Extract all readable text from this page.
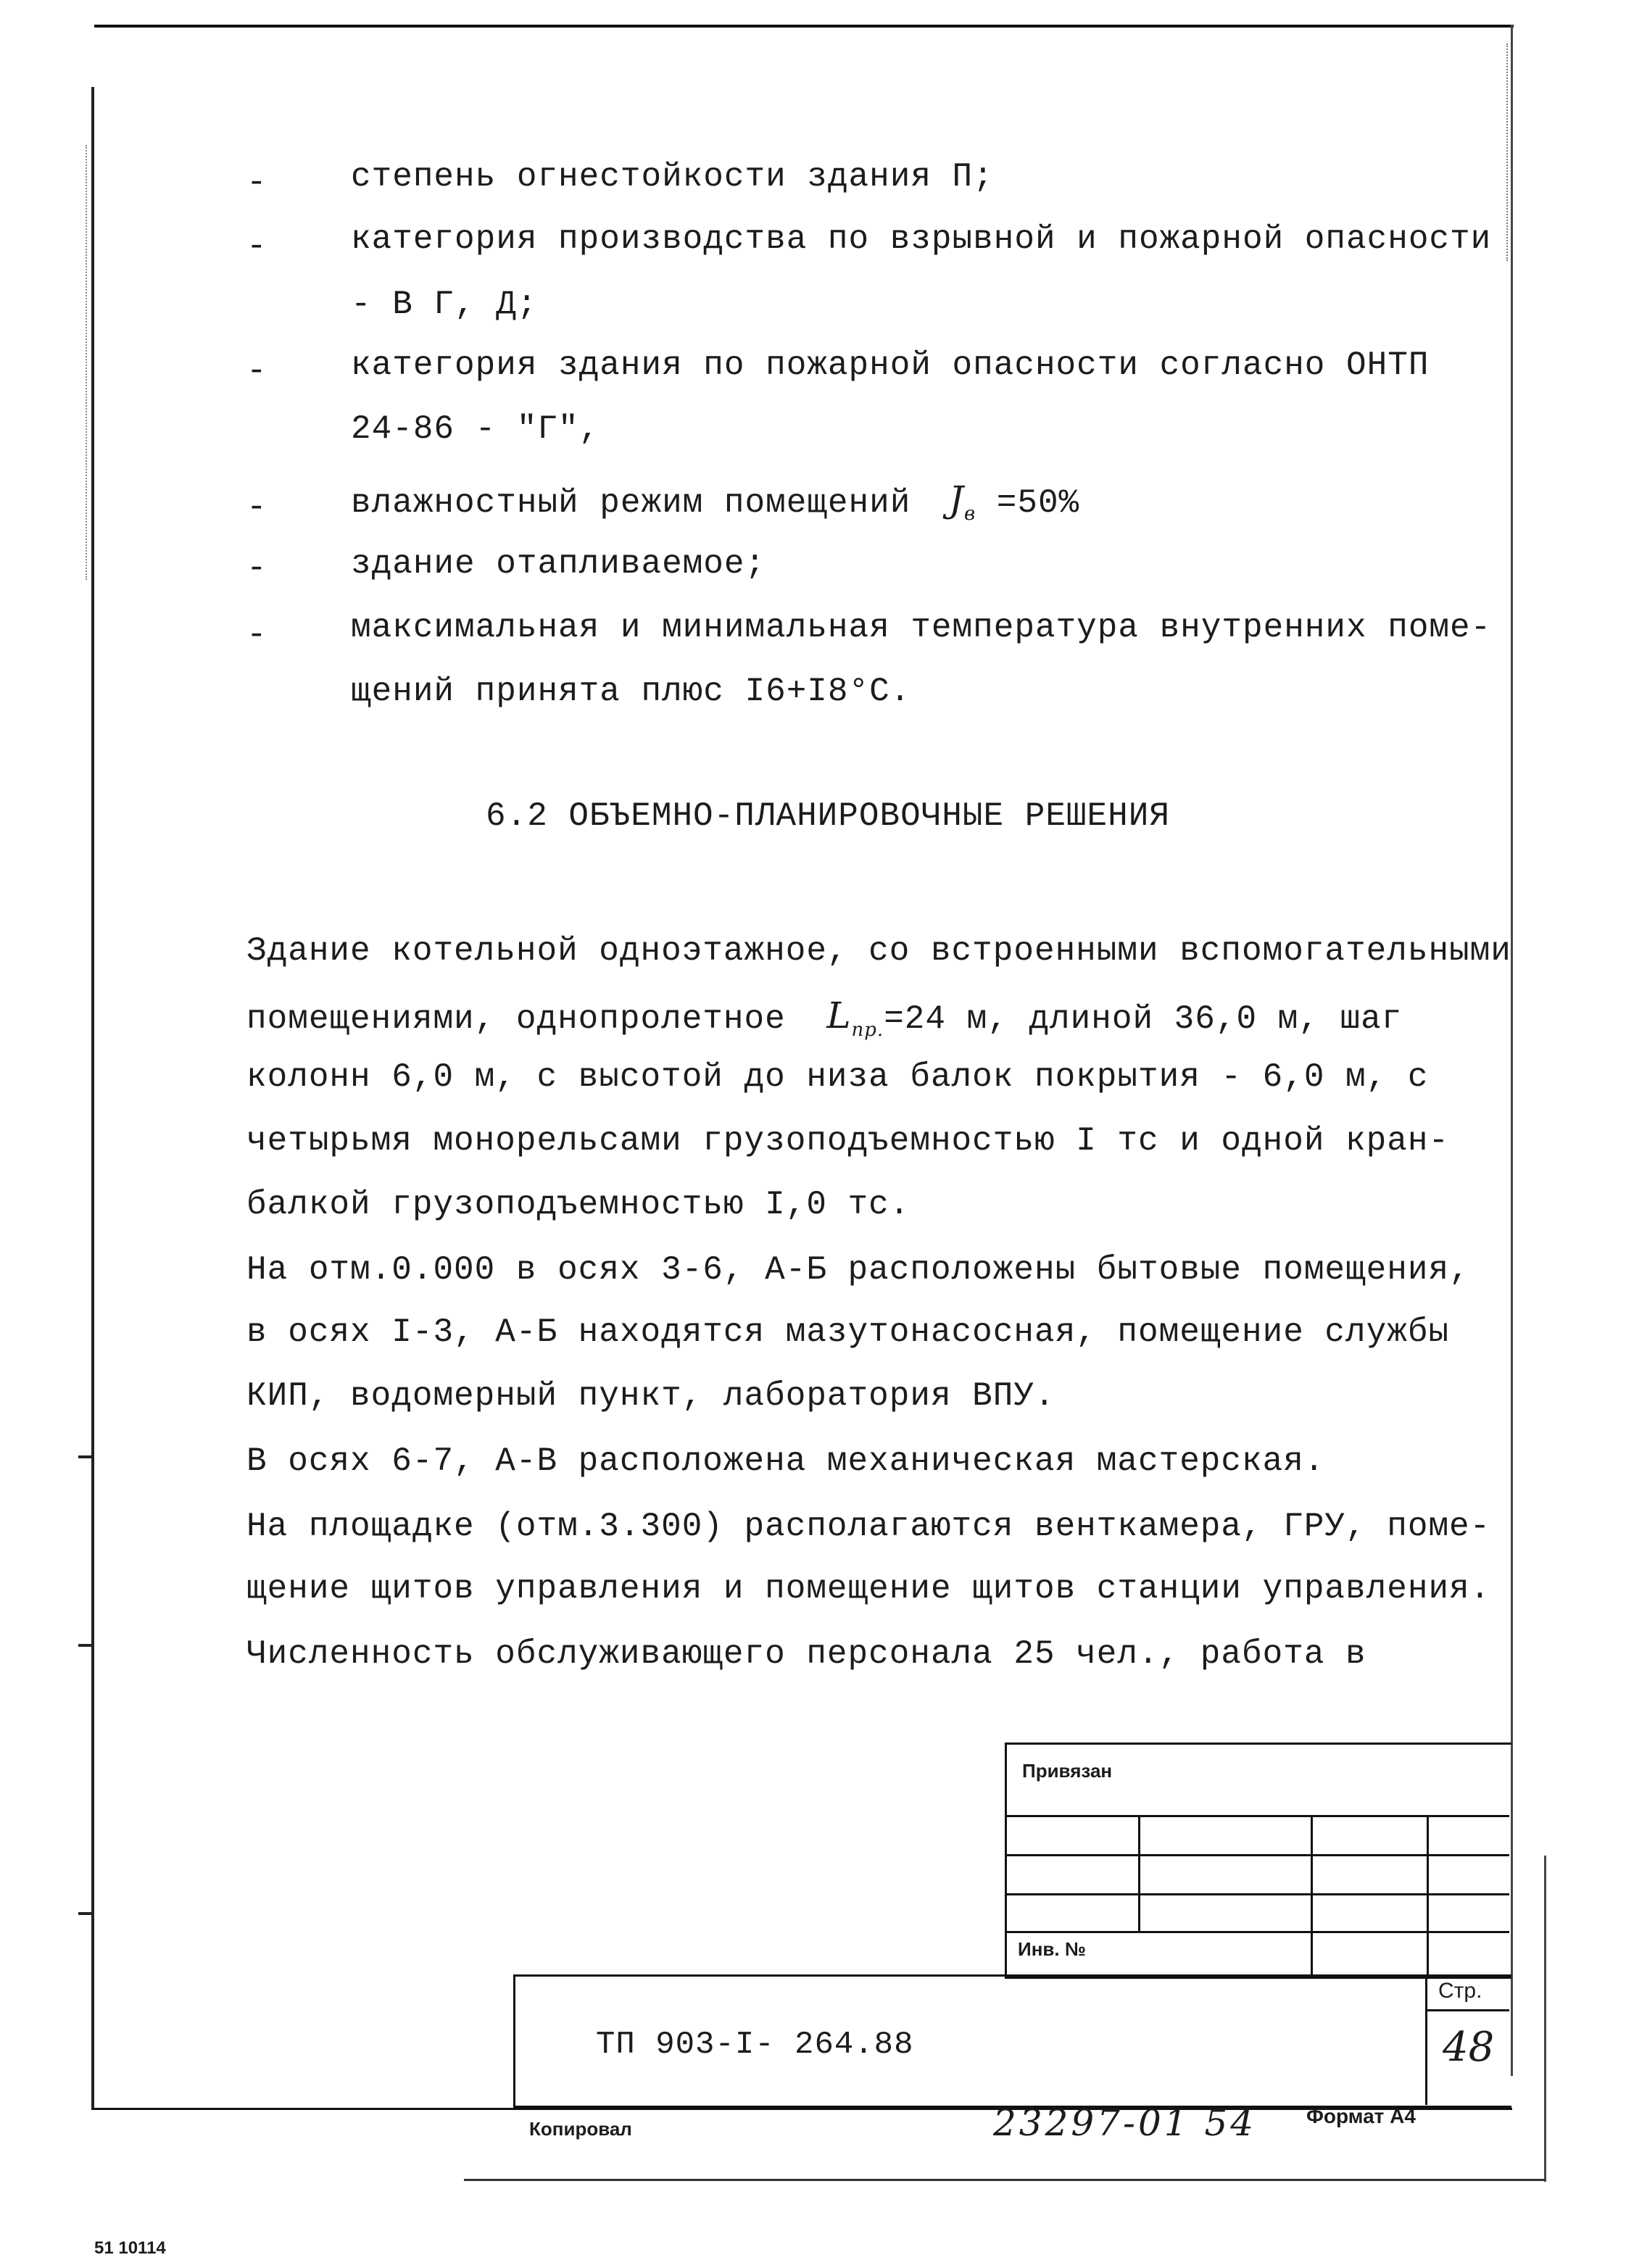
-	степень огнестойкости здания П;
-	категория производства по взрывной и пожарной опасности
- В Г, Д;
-	категория здания по пожарной опасности согласно ОНТП
24-86 - "Г",
-	влажностный режим помещений $J_в =50\%$
-	здание отапливаемое;
-	максимальная и минимальная температура внутренних поме-
щений принята плюс I6+I8°С.
6.2 ОБЪЕМНО-ПЛАНИРОВОЧНЫЕ РЕШЕНИЯ
Здание котельной одноэтажное, со встроенными вспомогательными
помещениями, однопролетное $L_{пр.}=24$ м, длиной 36,0 м, шаг
колонн 6,0 м, с высотой до низа балок покрытия - 6,0 м, с
четырьмя монорельсами грузоподъемностью I тс и одной кран-
балкой грузоподъемностью I,0 тс.
На отм.0.000 в осях 3-6, А-Б расположены бытовые помещения,
в осях I-3, А-Б находятся мазутонасосная, помещение службы
КИП, водомерный пункт, лаборатория ВПУ.
В осях 6-7, А-В расположена механическая мастерская.
На площадке (отм.3.300) располагаются венткамера, ГРУ, поме-
щение щитов управления и помещение щитов станции управления.
Численность обслуживающего персонала 25 чел., работа в
Привязан
Инв. №
ТП 903-I- 264.88
Стр.
48
Копировал	23297-01 54 Формат А4
51 10114
